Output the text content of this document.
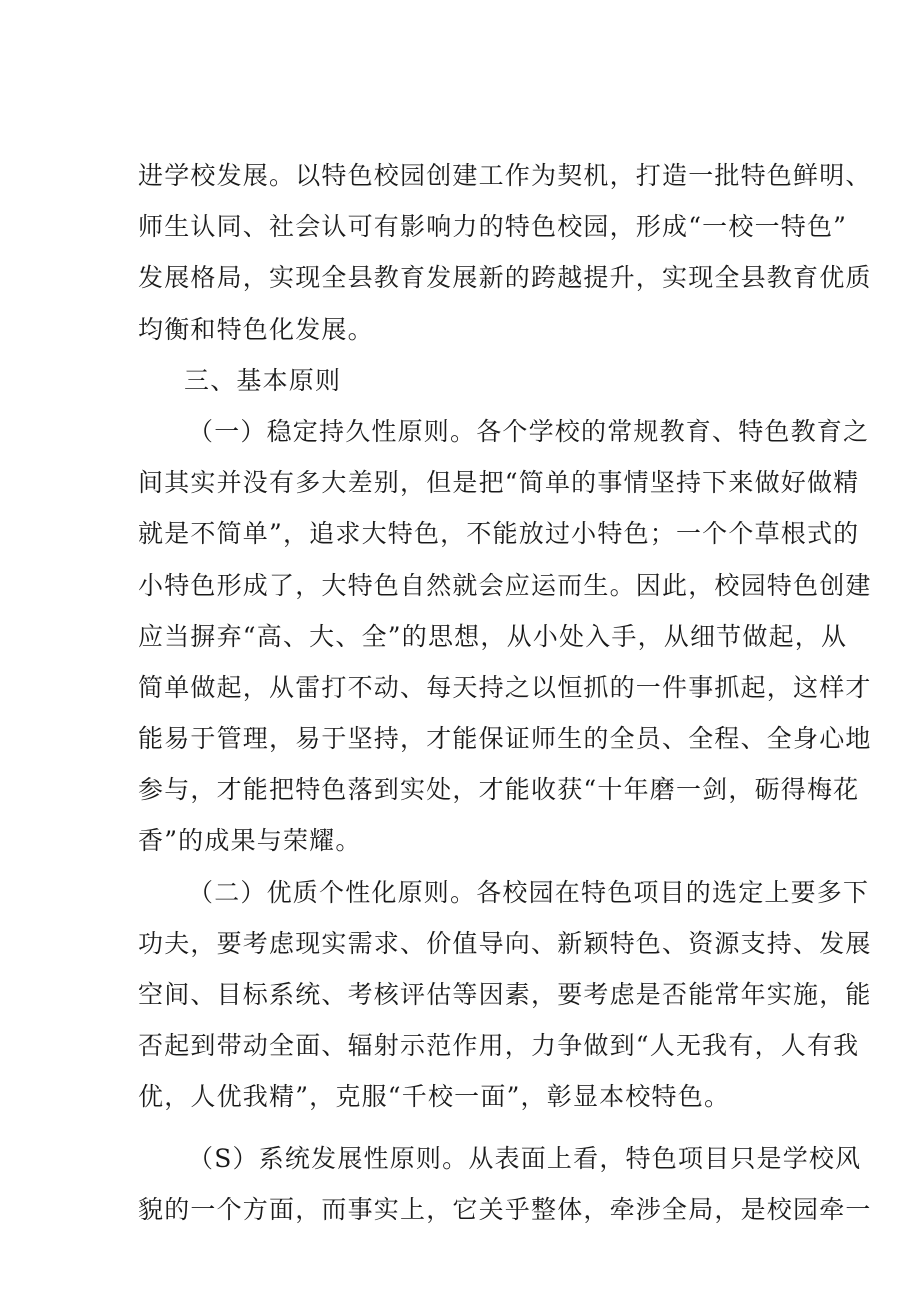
进学校发展。以特色校园创建工作为契机，打造一批特色鲜明、
师生认同、社会认可有影响力的特色校园，形成“一校一特色”
发展格局，实现全县教育发展新的跨越提升，实现全县教育优质
均衡和特色化发展。
三、基本原则
（一）稳定持久性原则。各个学校的常规教育、特色教育之
间其实并没有多大差别，但是把“简单的事情坚持下来做好做精
就是不简单”，追求大特色，不能放过小特色；一个个草根式的
小特色形成了，大特色自然就会应运而生。因此，校园特色创建
应当摒弃“高、大、全”的思想，从小处入手，从细节做起，从
简单做起，从雷打不动、每天持之以恒抓的一件事抓起，这样才
能易于管理，易于坚持，才能保证师生的全员、全程、全身心地
参与，才能把特色落到实处，才能收获“十年磨一剑，砺得梅花
香”的成果与荣耀。
（二）优质个性化原则。各校园在特色项目的选定上要多下
功夫，要考虑现实需求、价值导向、新颖特色、资源支持、发展
空间、目标系统、考核评估等因素，要考虑是否能常年实施，能
否起到带动全面、辐射示范作用，力争做到“人无我有，人有我
优，人优我精”，克服“千校一面”，彰显本校特色。
（S）系统发展性原则。从表面上看，特色项目只是学校风
貌的一个方面，而事实上，它关乎整体，牵涉全局，是校园牵一
